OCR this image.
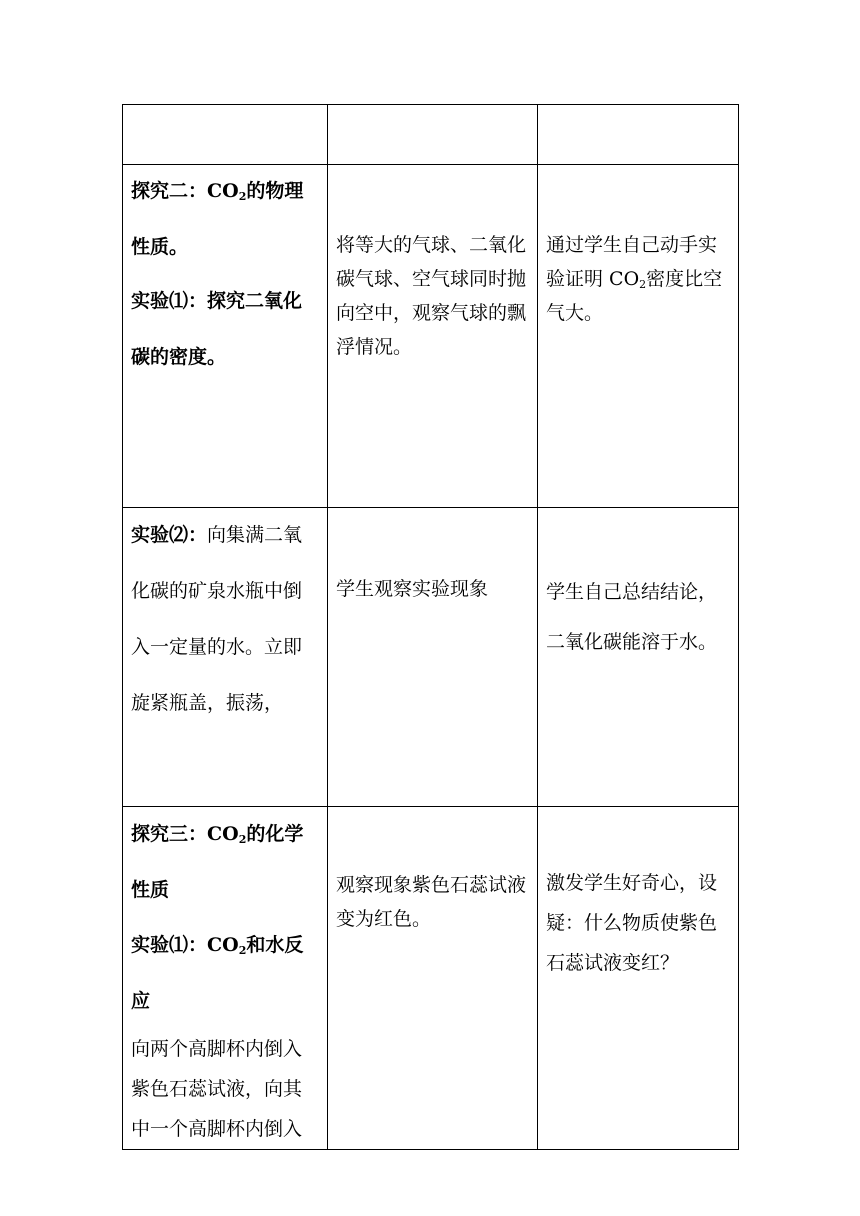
探究二：$CO_2$的物理性质。

实验⑴：探究二氧化碳的密度。	将等大的气球、二氧化碳气球、空气球同时抛向空中，观察气球的飘浮情况。	通过学生自己动手实验证明 $CO_2$密度比空气大。

实验⑵：向集满二氧化碳的矿泉水瓶中倒入一定量的水。立即旋紧瓶盖，振荡，	学生观察实验现象	学生自己总结结论，二氧化碳能溶于水。

探究三：$CO_2$的化学性质

实验⑴：$CO_2$和水反应

向两个高脚杯内倒入紫色石蕊试液，向其中一个高脚杯内倒入	观察现象紫色石蕊试液变为红色。	激发学生好奇心，设疑：什么物质使紫色石蕊试液变红？
